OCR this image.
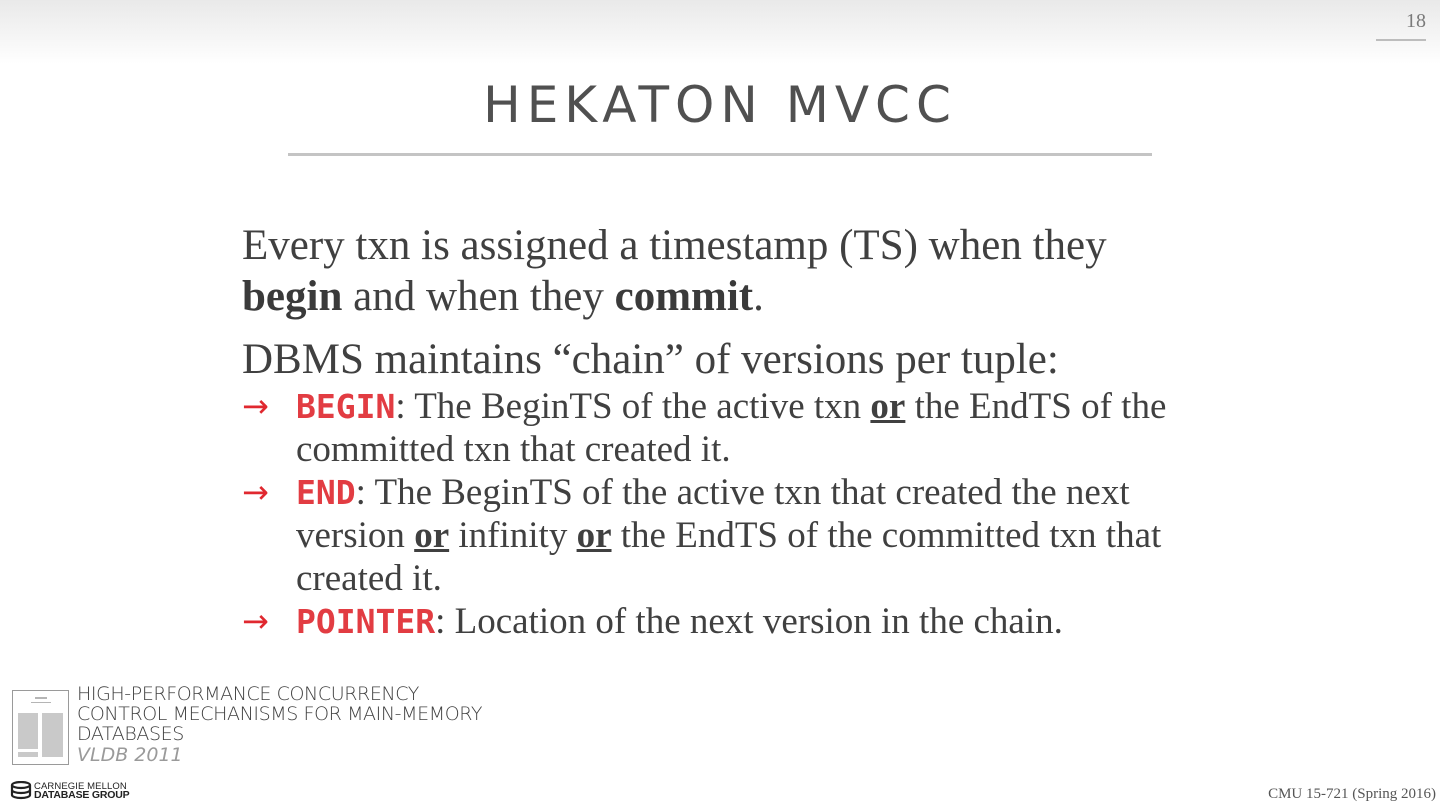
18
HEKATON MVCC

Every txn is assigned a timestamp (TS) when they begin and when they commit.

DBMS maintains “chain” of versions per tuple:

→ BEGIN: The BeginTS of the active txn or the EndTS of the committed txn that created it.
→ END: The BeginTS of the active txn that created the next version or infinity or the EndTS of the committed txn that created it.
→ POINTER: Location of the next version in the chain.
HIGH-PERFORMANCE CONCURRENCY CONTROL MECHANISMS FOR MAIN-MEMORY DATABASES
VLDB 2011
CARNEGIE MELLON
DATABASE GROUP	CMU 15-721 (Spring 2016)
